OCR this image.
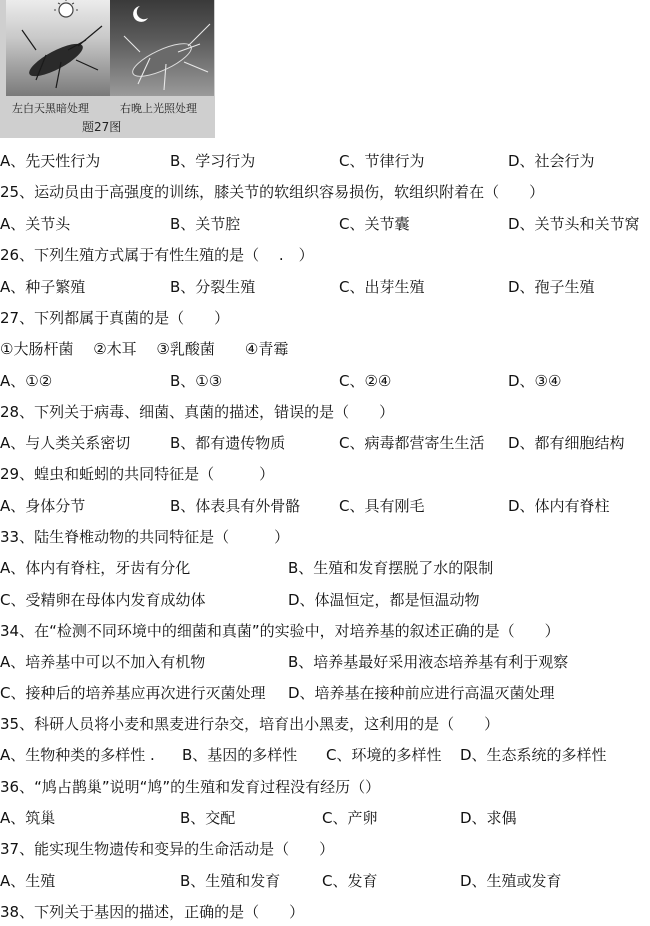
左白天黑暗处理	右晚上光照处理
题27图
A、先天性行为	B、学习行为	C、节律行为	D、社会行为
25、运动员由于高强度的训练，膝关节的软组织容易损伤，软组织附着在（　　）
A、关节头	B、关节腔	C、关节囊	D、关节头和关节窝
26、下列生殖方式属于有性生殖的是（　 .　）
A、种子繁殖	B、分裂生殖	C、出芽生殖	D、孢子生殖
27、下列都属于真菌的是（　　）
①大肠杆菌　 ②木耳　 ③乳酸菌　　④青霉
A、①②	B、①③	C、②④	D、③④
28、下列关于病毒、细菌、真菌的描述，错误的是（　　）
A、与人类关系密切	B、都有遗传物质	C、病毒都营寄生生活 D、都有细胞结构
29、蝗虫和蚯蚓的共同特征是（　　　）
A、身体分节	B、体表具有外骨骼	C、具有刚毛	D、体内有脊柱
33、陆生脊椎动物的共同特征是（　　　）
A、体内有脊柱，牙齿有分化	B、生殖和发育摆脱了水的限制
C、受精卵在母体内发育成幼体	D、体温恒定，都是恒温动物
34、在“检测不同环境中的细菌和真菌”的实验中，对培养基的叙述正确的是（　　）
A、培养基中可以不加入有机物	B、培养基最好采用液态培养基有利于观察
C、接种后的培养基应再次进行灭菌处理 D、培养基在接种前应进行高温灭菌处理
35、科研人员将小麦和黑麦进行杂交，培育出小黑麦，这利用的是（　　）
A、生物种类的多样性 . B、基因的多样性 C、环境的多样性 D、生态系统的多样性
36、“鸠占鹊巢”说明“鸠”的生殖和发育过程没有经历（）
A、筑巢	B、交配	C、产卵	D、求偶
37、能实现生物遗传和变异的生命活动是（　　）
A、生殖	B、生殖和发育	C、发育	D、生殖或发育
38、下列关于基因的描述，正确的是（　　）
